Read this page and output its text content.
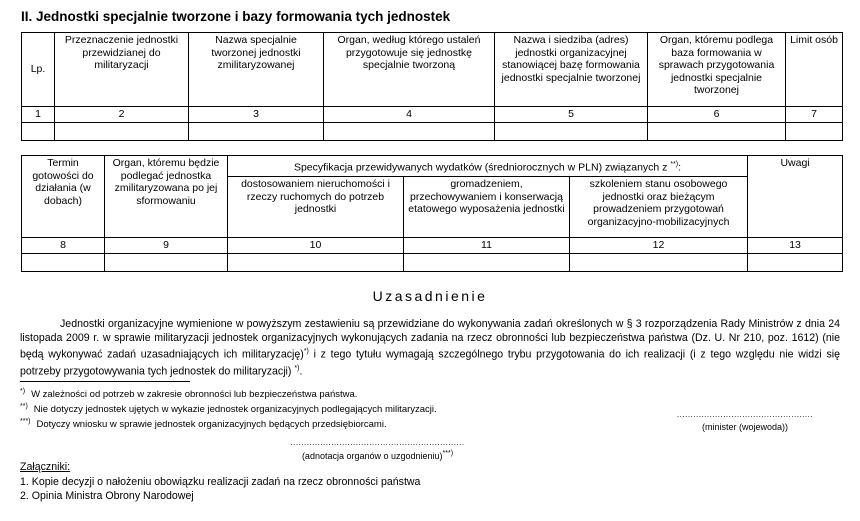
II. Jednostki specjalnie tworzone i bazy formowania tych jednostek
Lp.	Przeznaczenie jednostki przewidzianej do militaryzacji	Nazwa specjalnie tworzonej jednostki zmilitaryzowanej	Organ, według którego ustaleń przygotowuje się jednostkę specjalnie tworzoną	Nazwa i siedziba (adres) jednostki organizacyjnej stanowiącej bazę formowania jednostki specjalnie tworzonej	Organ, któremu podlega baza formowania w sprawach przygotowania jednostki specjalnie tworzonej	Limit osób
1	2	3	4	5	6	7

Termin gotowości do działania (w dobach)	Organ, któremu będzie podlegać jednostka zmilitaryzowana po jej sformowaniu	Specyfikacja przewidywanych wydatków (średniorocznych w PLN) związanych z **):			Uwagi
		dostosowaniem nieruchomości i rzeczy ruchomych do potrzeb jednostki	gromadzeniem, przechowywaniem i konserwacją etatowego wyposażenia jednostki	szkoleniem stanu osobowego jednostki oraz bieżącym prowadzeniem przygotowań organizacyjno-mobilizacyjnych	
8	9	10	11	12	13

Uzasadnienie
Jednostki organizacyjne wymienione w powyższym zestawieniu są przewidziane do wykonywania zadań określonych w § 3 rozporządzenia Rady Ministrów z dnia 24 listopada 2009 r. w sprawie militaryzacji jednostek organizacyjnych wykonujących zadania na rzecz obronności lub bezpieczeństwa państwa (Dz. U. Nr 210, poz. 1612) (nie będą wykonywać zadań uzasadniających ich militaryzację)*) i z tego tytułu wymagają szczególnego trybu przygotowania do ich realizacji (i z tego względu nie widzi się potrzeby przygotowywania tych jednostek do militaryzacji) *).
*) W zależności od potrzeb w zakresie obronności lub bezpieczeństwa państwa.
**) Nie dotyczy jednostek ujętych w wykazie jednostek organizacyjnych podlegających militaryzacji.
***) Dotyczy wniosku w sprawie jednostek organizacyjnych będących przedsiębiorcami.
..................................................
(minister (wojewoda))
................................................................
(adnotacja organów o uzgodnieniu)***)
Załączniki:
1. Kopie decyzji o nałożeniu obowiązku realizacji zadań na rzecz obronności państwa
2. Opinia Ministra Obrony Narodowej
